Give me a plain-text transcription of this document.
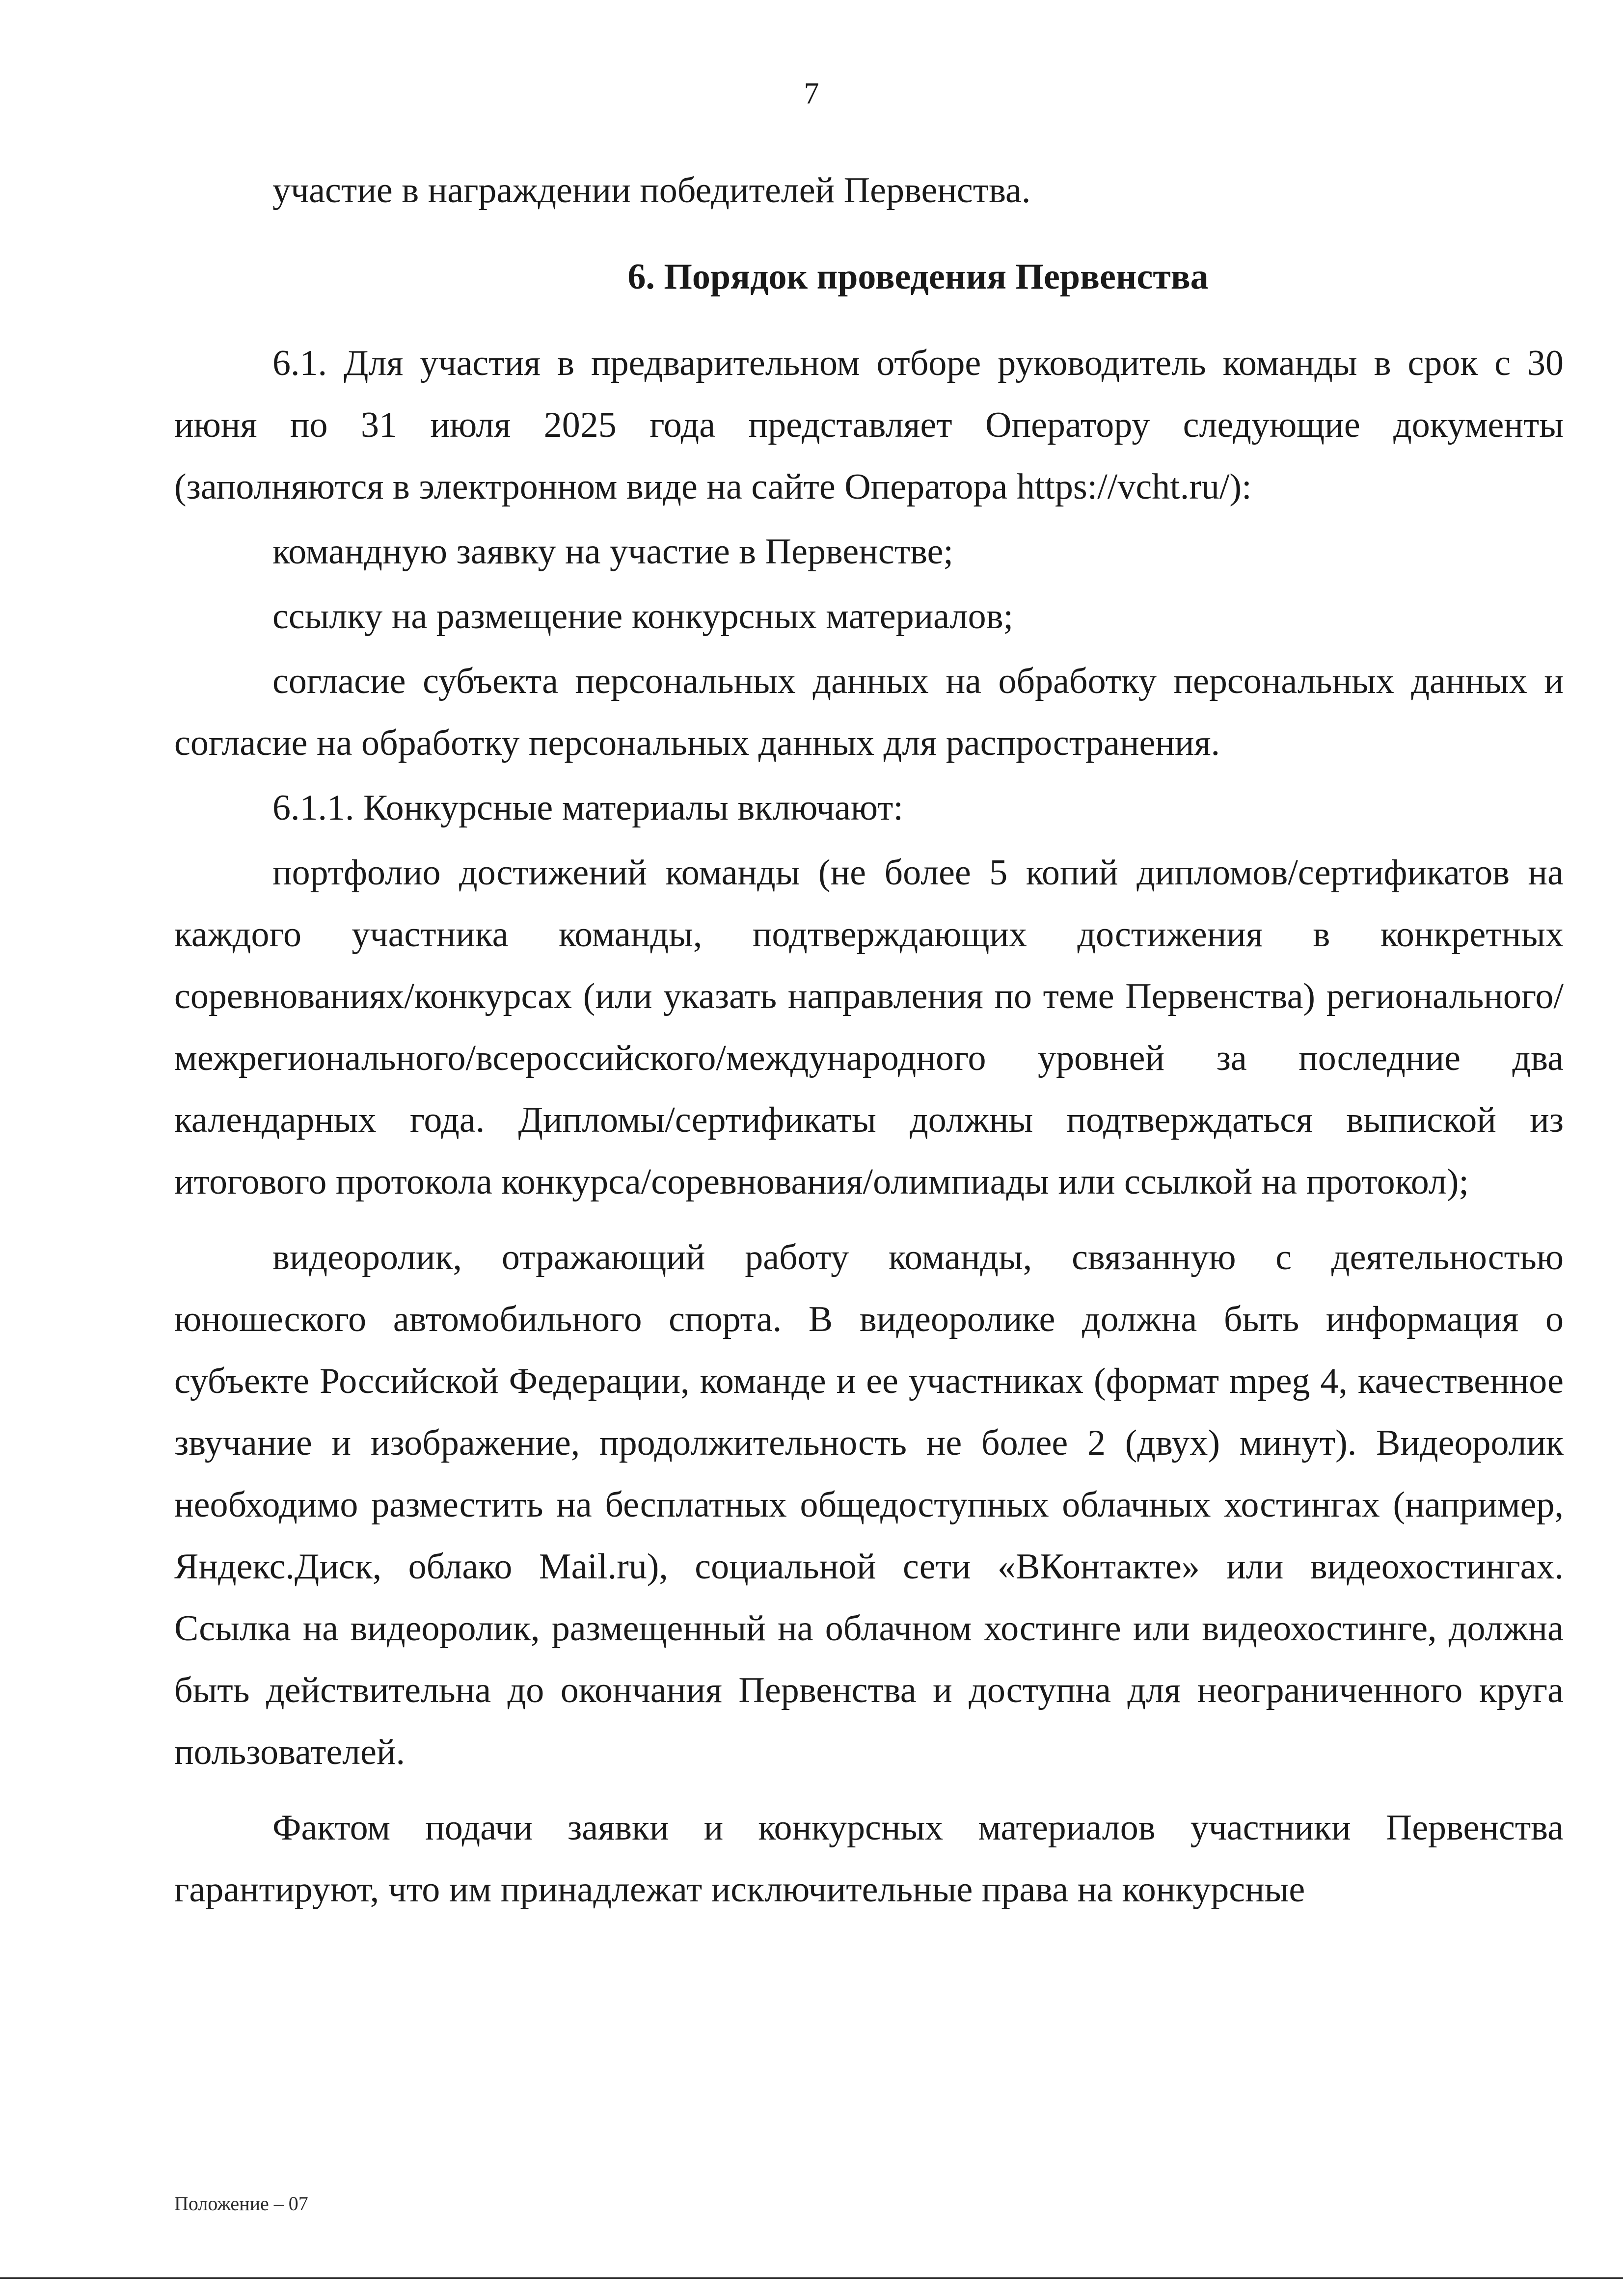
7

участие в награждении победителей Первенства.

6. Порядок проведения Первенства

6.1. Для участия в предварительном отборе руководитель команды в срок с 30 июня по 31 июля 2025 года представляет Оператору следующие документы (заполняются в электронном виде на сайте Оператора https://vcht.ru/):

командную заявку на участие в Первенстве;

ссылку на размещение конкурсных материалов;

согласие субъекта персональных данных на обработку персональных данных и согласие на обработку персональных данных для распространения.

6.1.1. Конкурсные материалы включают:

портфолио достижений команды (не более 5 копий дипломов/сертификатов на каждого участника команды, подтверждающих достижения в конкретных соревнованиях/конкурсах (или указать направления по теме Первенства) регионального/межрегионального/всероссийского/международного уровней за последние два календарных года. Дипломы/сертификаты должны подтверждаться выпиской из итогового протокола конкурса/соревнования/олимпиады или ссылкой на протокол);

видеоролик, отражающий работу команды, связанную с деятельностью юношеского автомобильного спорта. В видеоролике должна быть информация о субъекте Российской Федерации, команде и ее участниках (формат mpeg 4, качественное звучание и изображение, продолжительность не более 2 (двух) минут). Видеоролик необходимо разместить на бесплатных общедоступных облачных хостингах (например, Яндекс.Диск, облако Mail.ru), социальной сети «ВКонтакте» или видеохостингах. Ссылка на видеоролик, размещенный на облачном хостинге или видеохостинге, должна быть действительна до окончания Первенства и доступна для неограниченного круга пользователей.

Фактом подачи заявки и конкурсных материалов участники Первенства гарантируют, что им принадлежат исключительные права на конкурсные

Положение – 07
